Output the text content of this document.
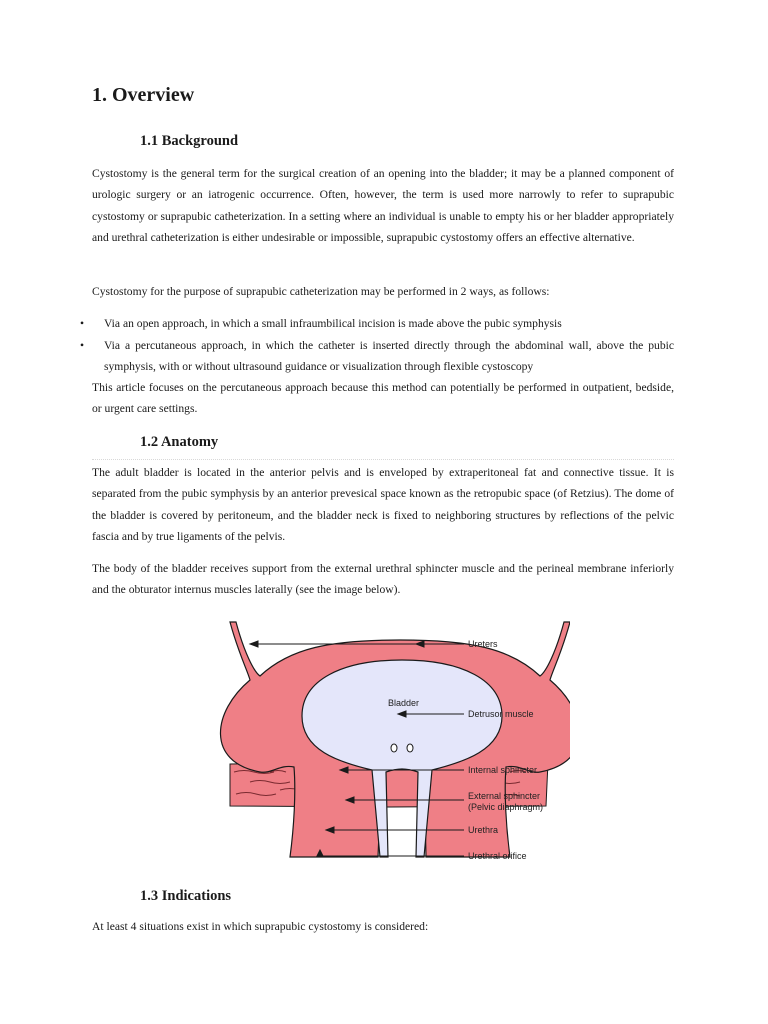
1. Overview
1.1 Background

Cystostomy is the general term for the surgical creation of an opening into the bladder; it may be a planned component of urologic surgery or an iatrogenic occurrence. Often, however, the term is used more narrowly to refer to suprapubic cystostomy or suprapubic catheterization. In a setting where an individual is unable to empty his or her bladder appropriately and urethral catheterization is either undesirable or impossible, suprapubic cystostomy offers an effective alternative.

Cystostomy for the purpose of suprapubic catheterization may be performed in 2 ways, as follows:

•	Via an open approach, in which a small infraumbilical incision is made above the pubic symphysis
•	Via a percutaneous approach, in which the catheter is inserted directly through the abdominal wall, above the pubic symphysis, with or without ultrasound guidance or visualization through flexible cystoscopy

This article focuses on the percutaneous approach because this method can potentially be performed in outpatient, bedside, or urgent care settings.

1.2 Anatomy

The adult bladder is located in the anterior pelvis and is enveloped by extraperitoneal fat and connective tissue. It is separated from the pubic symphysis by an anterior prevesical space known as the retropubic space (of Retzius). The dome of the bladder is covered by peritoneum, and the bladder neck is fixed to neighboring structures by reflections of the pelvic fascia and by true ligaments of the pelvis.

The body of the bladder receives support from the external urethral sphincter muscle and the perineal membrane inferiorly and the obturator internus muscles laterally (see the image below).

Bladder
Ureters
Detrusor muscle
Internal sphincter
External sphincter
(Pelvic diaphragm)
Urethra
Urethral orifice
1.3 Indications

At least 4 situations exist in which suprapubic cystostomy is considered:
